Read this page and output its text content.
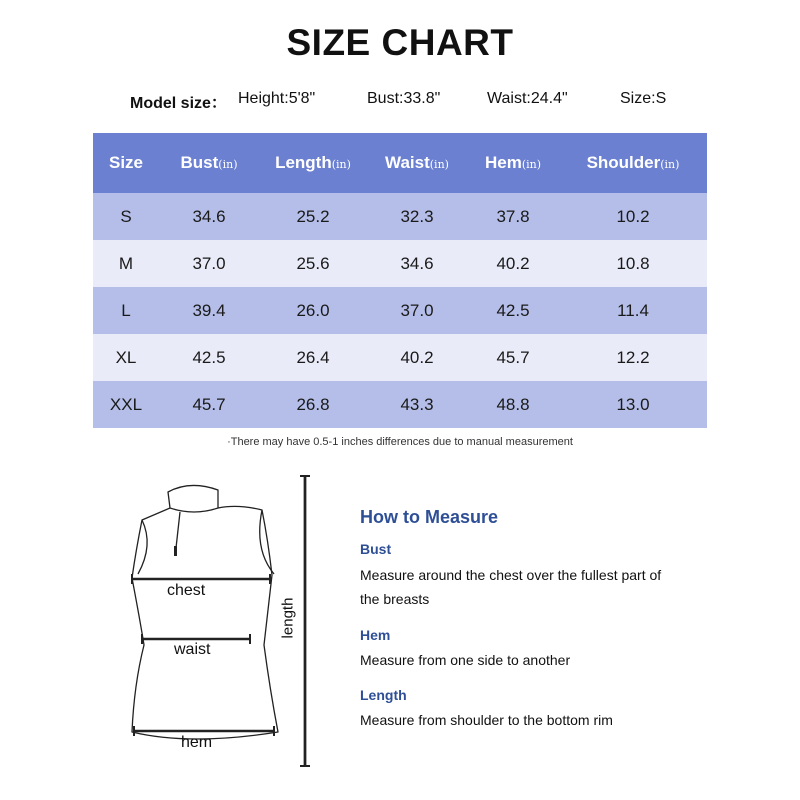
SIZE CHART
Model size： Height:5'8"	Bust:33.8"	Waist:24.4"	Size:S
Size	Bust(in)	Length(in)	Waist(in)	Hem(in)	Shoulder(in)
S	34.6	25.2	32.3	37.8	10.2
M	37.0	25.6	34.6	40.2	10.8
L	39.4	26.0	37.0	42.5	11.4
XL	42.5	26.4	40.2	45.7	12.2
XXL	45.7	26.8	43.3	48.8	13.0
·There may have 0.5-1 inches differences due to manual measurement
chest
waist
hem
length
How to Measure
Bust
Measure around the chest over the fullest part of the breasts
Hem
Measure from one side to another
Length
Measure from shoulder to the bottom rim
